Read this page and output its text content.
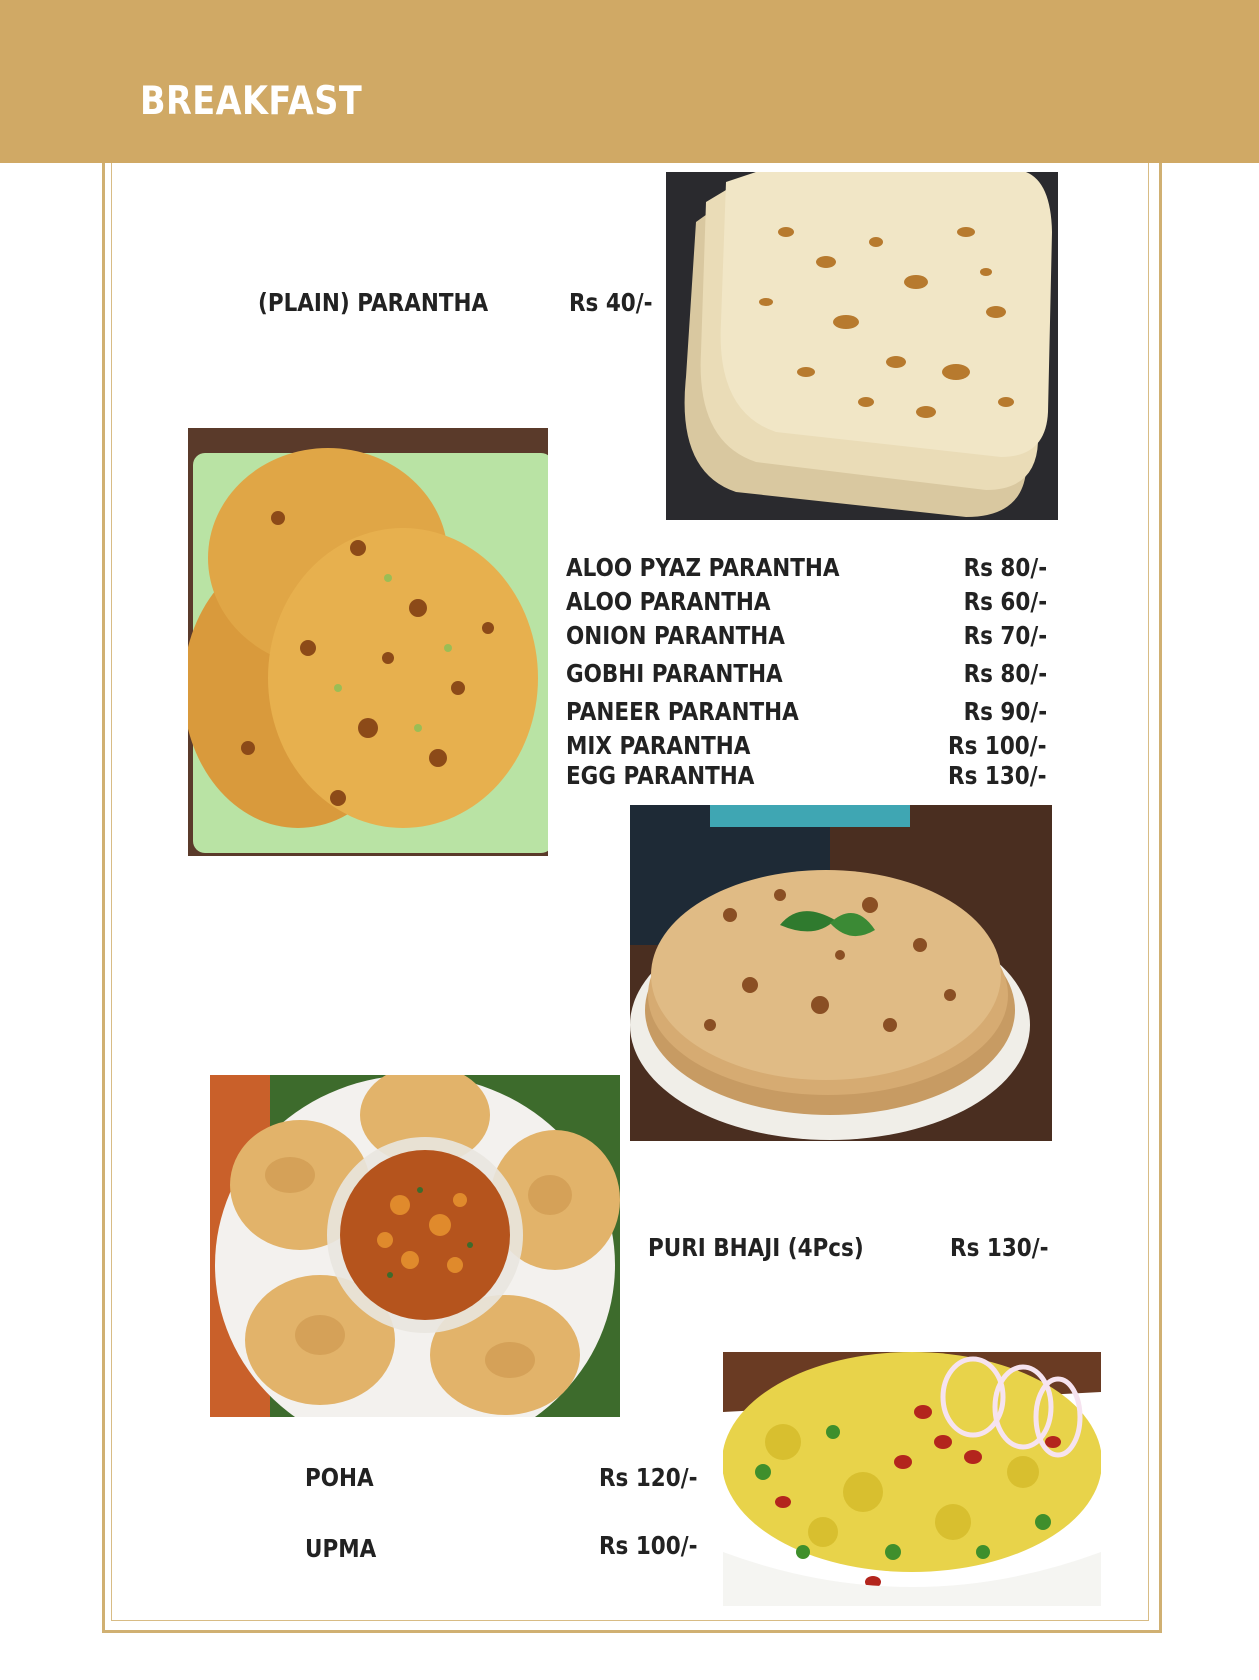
BREAKFAST
(PLAIN) PARANTHA	Rs 40/-
ALOO PYAZ PARANTHA	Rs 80/-
ALOO PARANTHA	Rs 60/-
ONION PARANTHA	Rs 70/-
GOBHI PARANTHA	Rs 80/-
PANEER PARANTHA	Rs 90/-
MIX PARANTHA	Rs 100/-
EGG PARANTHA	Rs 130/-
PURI BHAJI (4Pcs)	Rs 130/-
POHA	Rs 120/-
UPMA	Rs 100/-
